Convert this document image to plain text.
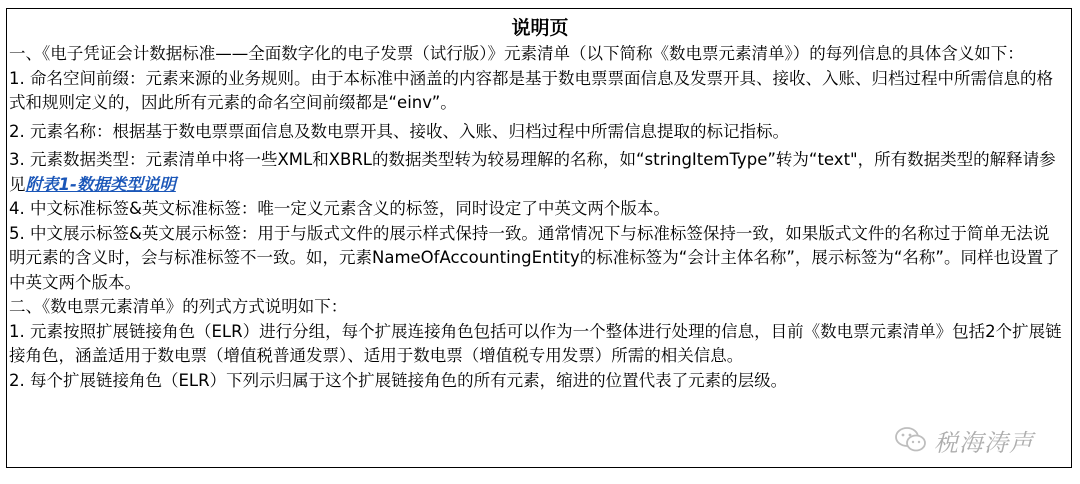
说明页

一、《电子凭证会计数据标准——全面数字化的电子发票（试行版）》元素清单（以下简称《数电票元素清单》）的每列信息的具体含义如下：

1. 命名空间前缀：元素来源的业务规则。由于本标准中涵盖的内容都是基于数电票票面信息及发票开具、接收、入账、归档过程中所需信息的格式和规则定义的，因此所有元素的命名空间前缀都是“einv”。

2. 元素名称：根据基于数电票票面信息及数电票开具、接收、入账、归档过程中所需信息提取的标记指标。

3. 元素数据类型：元素清单中将一些XML和XBRL的数据类型转为较易理解的名称，如“stringItemType”转为“text"，所有数据类型的解释请参见附表1-数据类型说明

4. 中文标准标签&英文标准标签：唯一定义元素含义的标签，同时设定了中英文两个版本。

5. 中文展示标签&英文展示标签：用于与版式文件的展示样式保持一致。通常情况下与标准标签保持一致，如果版式文件的名称过于简单无法说明元素的含义时，会与标准标签不一致。如，元素NameOfAccountingEntity的标准标签为“会计主体名称”，展示标签为“名称”。同样也设置了中英文两个版本。

二、《数电票元素清单》的列式方式说明如下：

1. 元素按照扩展链接角色（ELR）进行分组，每个扩展连接角色包括可以作为一个整体进行处理的信息，目前《数电票元素清单》包括2个扩展链接角色，涵盖适用于数电票（增值税普通发票）、适用于数电票（增值税专用发票）所需的相关信息。

2. 每个扩展链接角色（ELR）下列示归属于这个扩展链接角色的所有元素，缩进的位置代表了元素的层级。

税海涛声
